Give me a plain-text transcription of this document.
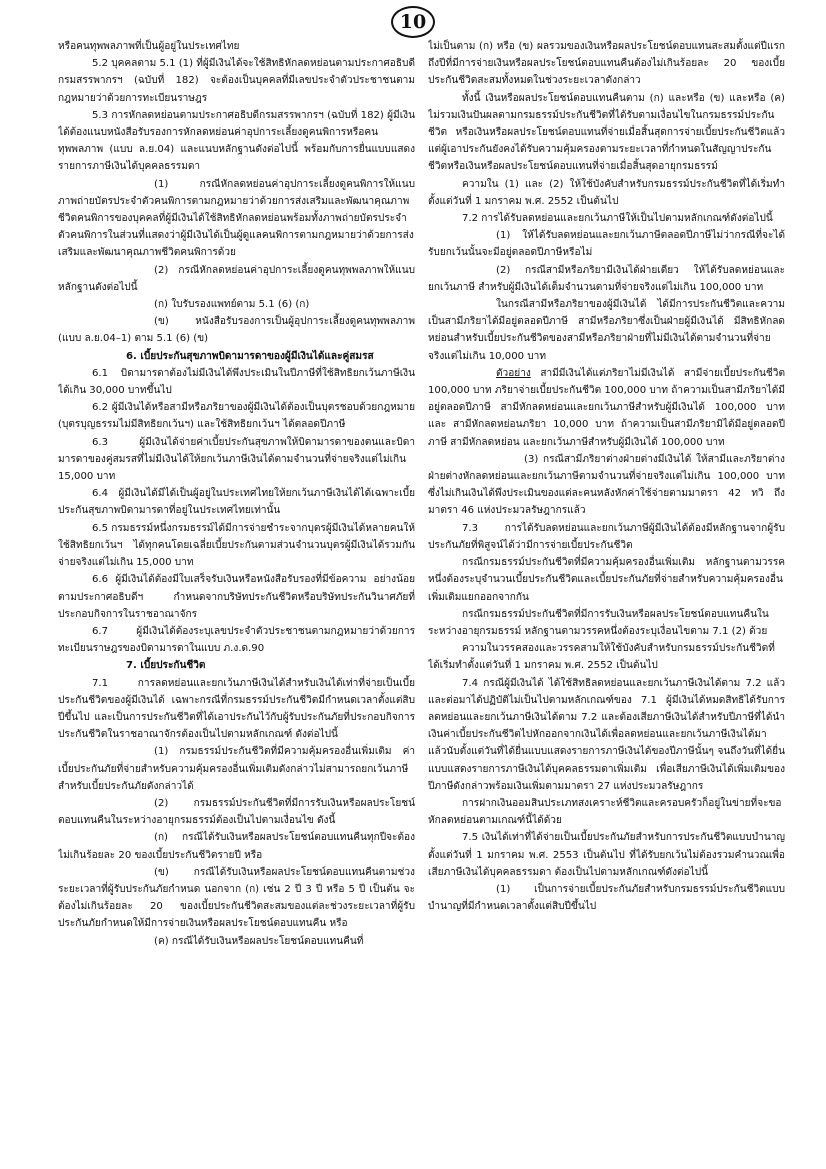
10

หรือคนทุพพลภาพที่เป็นผู้อยู่ในประเทศไทย

5.2 บุคคลตาม 5.1 (1) ที่ผู้มีเงินได้จะใช้สิทธิหักลดหย่อนตามประกาศอธิบดีกรมสรรพากรฯ (ฉบับที่ 182) จะต้องเป็นบุคคลที่มีเลขประจำตัวประชาชนตามกฎหมายว่าด้วยการทะเบียนราษฎร

5.3 การหักลดหย่อนตามประกาศอธิบดีกรมสรรพากรฯ (ฉบับที่ 182) ผู้มีเงินได้ต้องแนบหนังสือรับรองการหักลดหย่อนค่าอุปการะเลี้ยงดูคนพิการหรือคนทุพพลภาพ (แบบ ล.ย.04) และแนบหลักฐานดังต่อไปนี้ พร้อมกับการยื่นแบบแสดงรายการภาษีเงินได้บุคคลธรรมดา

(1) กรณีหักลดหย่อนค่าอุปการะเลี้ยงดูคนพิการให้แนบภาพถ่ายบัตรประจำตัวคนพิการตามกฎหมายว่าด้วยการส่งเสริมและพัฒนาคุณภาพชีวิตคนพิการของบุคคลที่ผู้มีเงินได้ใช้สิทธิหักลดหย่อนพร้อมทั้งภาพถ่ายบัตรประจำตัวคนพิการในส่วนที่แสดงว่าผู้มีเงินได้เป็นผู้ดูแลคนพิการตามกฎหมายว่าด้วยการส่งเสริมและพัฒนาคุณภาพชีวิตคนพิการด้วย

(2) กรณีหักลดหย่อนค่าอุปการะเลี้ยงดูคนทุพพลภาพให้แนบหลักฐานดังต่อไปนี้

(ก) ใบรับรองแพทย์ตาม 5.1 (6) (ก)

(ข) หนังสือรับรองการเป็นผู้อุปการะเลี้ยงดูคนทุพพลภาพ (แบบ ล.ย.04–1) ตาม 5.1 (6) (ข)

6. เบี้ยประกันสุขภาพบิดามารดาของผู้มีเงินได้และคู่สมรส

6.1 บิดามารดาต้องไม่มีเงินได้พึงประเมินในปีภาษีที่ใช้สิทธิยกเว้นภาษีเงินได้เกิน 30,000 บาทขึ้นไป

6.2 ผู้มีเงินได้หรือสามีหรือภริยาของผู้มีเงินได้ต้องเป็นบุตรชอบด้วยกฎหมาย (บุตรบุญธรรมไม่มีสิทธิยกเว้นฯ) และใช้สิทธิยกเว้นฯ ได้ตลอดปีภาษี

6.3 ผู้มีเงินได้จ่ายค่าเบี้ยประกันสุขภาพให้บิดามารดาของตนและบิดามารดาของคู่สมรสที่ไม่มีเงินได้ให้ยกเว้นภาษีเงินได้ตามจำนวนที่จ่ายจริงแต่ไม่เกิน 15,000 บาท

6.4 ผู้มีเงินได้มีได้เป็นผู้อยู่ในประเทศไทยให้ยกเว้นภาษีเงินได้ได้เฉพาะเบี้ยประกันสุขภาพบิดามารดาที่อยู่ในประเทศไทยเท่านั้น

6.5 กรมธรรม์หนึ่งกรมธรรม์ได้มีการจ่ายชำระจากบุตรผู้มีเงินได้หลายคนให้ใช้สิทธิยกเว้นฯ ได้ทุกคนโดยเฉลี่ยเบี้ยประกันตามส่วนจำนวนบุตรผู้มีเงินได้รวมกันจ่ายจริงแต่ไม่เกิน 15,000 บาท

6.6 ผู้มีเงินได้ต้องมีใบเสร็จรับเงินหรือหนังสือรับรองที่มีข้อความ อย่างน้อยตามประกาศอธิบดีฯ กำหนดจากบริษัทประกันชีวิตหรือบริษัทประกันวินาศภัยที่ประกอบกิจการในราชอาณาจักร

6.7 ผู้มีเงินได้ต้องระบุเลขประจำตัวประชาชนตามกฎหมายว่าด้วยการทะเบียนราษฎรของบิดามารดาในแบบ ภ.ง.ด.90

7. เบี้ยประกันชีวิต

7.1 การลดหย่อนและยกเว้นภาษีเงินได้สำหรับเงินได้เท่าที่จ่ายเป็นเบี้ยประกันชีวิตของผู้มีเงินได้ เฉพาะกรณีที่กรมธรรม์ประกันชีวิตมีกำหนดเวลาตั้งแต่สิบปีขึ้นไป และเป็นการประกันชีวิตที่ได้เอาประกันไว้กับผู้รับประกันภัยที่ประกอบกิจการประกันชีวิตในราชอาณาจักรต้องเป็นไปตามหลักเกณฑ์ ดังต่อไปนี้

(1) กรมธรรม์ประกันชีวิตที่มีความคุ้มครองอื่นเพิ่มเติม ค่าเบี้ยประกันภัยที่จ่ายสำหรับความคุ้มครองอื่นเพิ่มเติมดังกล่าวไม่สามารถยกเว้นภาษีสำหรับเบี้ยประกันภัยดังกล่าวได้

(2) กรมธรรม์ประกันชีวิตที่มีการรับเงินหรือผลประโยชน์ตอบแทนคืนในระหว่างอายุกรมธรรม์ต้องเป็นไปตามเงื่อนไข ดังนี้

(ก) กรณีได้รับเงินหรือผลประโยชน์ตอบแทนคืนทุกปีจะต้องไม่เกินร้อยละ 20 ของเบี้ยประกันชีวิตรายปี หรือ

(ข) กรณีได้รับเงินหรือผลประโยชน์ตอบแทนคืนตามช่วงระยะเวลาที่ผู้รับประกันภัยกำหนด นอกจาก (ก) เช่น 2 ปี 3 ปี หรือ 5 ปี เป็นต้น จะต้องไม่เกินร้อยละ 20 ของเบี้ยประกันชีวิตสะสมของแต่ละช่วงระยะเวลาที่ผู้รับประกันภัยกำหนดให้มีการจ่ายเงินหรือผลประโยชน์ตอบแทนคืน หรือ

(ค) กรณีได้รับเงินหรือผลประโยชน์ตอบแทนคืนที่

ไม่เป็นตาม (ก) หรือ (ข) ผลรวมของเงินหรือผลประโยชน์ตอบแทนสะสมตั้งแต่ปีแรกถึงปีที่มีการจ่ายเงินหรือผลประโยชน์ตอบแทนคืนต้องไม่เกินร้อยละ 20 ของเบี้ยประกันชีวิตสะสมทั้งหมดในช่วงระยะเวลาดังกล่าว

ทั้งนี้ เงินหรือผลประโยชน์ตอบแทนคืนตาม (ก) และหรือ (ข) และหรือ (ค) ไม่รวมเงินปันผลตามกรมธรรม์ประกันชีวิตที่ได้รับตามเงื่อนไขในกรมธรรม์ประกันชีวิต หรือเงินหรือผลประโยชน์ตอบแทนที่จ่ายเมื่อสิ้นสุดการจ่ายเบี้ยประกันชีวิตแล้ว แต่ผู้เอาประกันยังคงได้รับความคุ้มครองตามระยะเวลาที่กำหนดในสัญญาประกันชีวิตหรือเงินหรือผลประโยชน์ตอบแทนที่จ่ายเมื่อสิ้นสุดอายุกรมธรรม์

ความใน (1) และ (2) ให้ใช้บังคับสำหรับกรมธรรม์ประกันชีวิตที่ได้เริ่มทำตั้งแต่วันที่ 1 มกราคม พ.ศ. 2552 เป็นต้นไป

7.2 การได้รับลดหย่อนและยกเว้นภาษีให้เป็นไปตามหลักเกณฑ์ดังต่อไปนี้

(1) ให้ได้รับลดหย่อนและยกเว้นภาษีตลอดปีภาษีไม่ว่ากรณีที่จะได้รับยกเว้นนั้นจะมีอยู่ตลอดปีภาษีหรือไม่

(2) กรณีสามีหรือภริยามีเงินได้ฝ่ายเดียว ให้ได้รับลดหย่อนและยกเว้นภาษี สำหรับผู้มีเงินได้เต็มจำนวนตามที่จ่ายจริงแต่ไม่เกิน 100,000 บาท

ในกรณีสามีหรือภริยาของผู้มีเงินได้ ได้มีการประกันชีวิตและความเป็นสามีภริยาได้มีอยู่ตลอดปีภาษี สามีหรือภริยาซึ่งเป็นฝ่ายผู้มีเงินได้ มีสิทธิหักลดหย่อนสำหรับเบี้ยประกันชีวิตของสามีหรือภริยาฝ่ายที่ไม่มีเงินได้ตามจำนวนที่จ่ายจริงแต่ไม่เกิน 10,000 บาท

ตัวอย่าง สามีมีเงินได้แต่ภริยาไม่มีเงินได้ สามีจ่ายเบี้ยประกันชีวิต 100,000 บาท ภริยาจ่ายเบี้ยประกันชีวิต 100,000 บาท ถ้าความเป็นสามีภริยาได้มีอยู่ตลอดปีภาษี สามีหักลดหย่อนและยกเว้นภาษีสำหรับผู้มีเงินได้ 100,000 บาท และ สามีหักลดหย่อนภริยา 10,000 บาท ถ้าความเป็นสามีภริยามิได้มีอยู่ตลอดปีภาษี สามีหักลดหย่อน และยกเว้นภาษีสำหรับผู้มีเงินได้ 100,000 บาท

(3) กรณีสามีภริยาต่างฝ่ายต่างมีเงินได้ ให้สามีและภริยาต่างฝ่ายต่างหักลดหย่อนและยกเว้นภาษีตามจำนวนที่จ่ายจริงแต่ไม่เกิน 100,000 บาท ซึ่งไม่เกินเงินได้พึงประเมินของแต่ละคนหลังหักค่าใช้จ่ายตามมาตรา 42 ทวิ ถึงมาตรา 46 แห่งประมวลรัษฎากรแล้ว

7.3 การได้รับลดหย่อนและยกเว้นภาษีผู้มีเงินได้ต้องมีหลักฐานจากผู้รับประกันภัยที่พิสูจน์ได้ว่ามีการจ่ายเบี้ยประกันชีวิต

กรณีกรมธรรม์ประกันชีวิตที่มีความคุ้มครองอื่นเพิ่มเติม หลักฐานตามวรรคหนึ่งต้องระบุจำนวนเบี้ยประกันชีวิตและเบี้ยประกันภัยที่จ่ายสำหรับความคุ้มครองอื่นเพิ่มเติมแยกออกจากกัน

กรณีกรมธรรม์ประกันชีวิตที่มีการรับเงินหรือผลประโยชน์ตอบแทนคืนในระหว่างอายุกรมธรรม์ หลักฐานตามวรรคหนึ่งต้องระบุเงื่อนไขตาม 7.1 (2) ด้วย

ความในวรรคสองและวรรคสามให้ใช้บังคับสำหรับกรมธรรม์ประกันชีวิตที่ได้เริ่มทำตั้งแต่วันที่ 1 มกราคม พ.ศ. 2552 เป็นต้นไป

7.4 กรณีผู้มีเงินได้ ได้ใช้สิทธิลดหย่อนและยกเว้นภาษีเงินได้ตาม 7.2 แล้วและต่อมาได้ปฏิบัติไม่เป็นไปตามหลักเกณฑ์ของ 7.1 ผู้มีเงินได้หมดสิทธิได้รับการลดหย่อนและยกเว้นภาษีเงินได้ตาม 7.2 และต้องเสียภาษีเงินได้สำหรับปีภาษีที่ได้นำเงินค่าเบี้ยประกันชีวิตไปหักออกจากเงินได้เพื่อลดหย่อนและยกเว้นภาษีเงินได้มาแล้วนับตั้งแต่วันที่ได้ยื่นแบบแสดงรายการภาษีเงินได้ของปีภาษีนั้นๆ จนถึงวันที่ได้ยื่นแบบแสดงรายการภาษีเงินได้บุคคลธรรมดาเพิ่มเติม เพื่อเสียภาษีเงินได้เพิ่มเติมของปีภาษีดังกล่าวพร้อมเงินเพิ่มตามมาตรา 27 แห่งประมวลรัษฎากร

การฝากเงินออมสินประเภทสงเคราะห์ชีวิตและครอบครัวก็อยู่ในข่ายที่จะขอหักลดหย่อนตามเกณฑ์นี้ได้ด้วย

7.5 เงินได้เท่าที่ได้จ่ายเป็นเบี้ยประกันภัยสำหรับการประกันชีวิตแบบบำนาญ ตั้งแต่วันที่ 1 มกราคม พ.ศ. 2553 เป็นต้นไป ที่ได้รับยกเว้นไม่ต้องรวมคำนวณเพื่อเสียภาษีเงินได้บุคคลธรรมดา ต้องเป็นไปตามหลักเกณฑ์ดังต่อไปนี้

(1) เป็นการจ่ายเบี้ยประกันภัยสำหรับกรมธรรม์ประกันชีวิตแบบบำนาญที่มีกำหนดเวลาตั้งแต่สิบปีขึ้นไป
